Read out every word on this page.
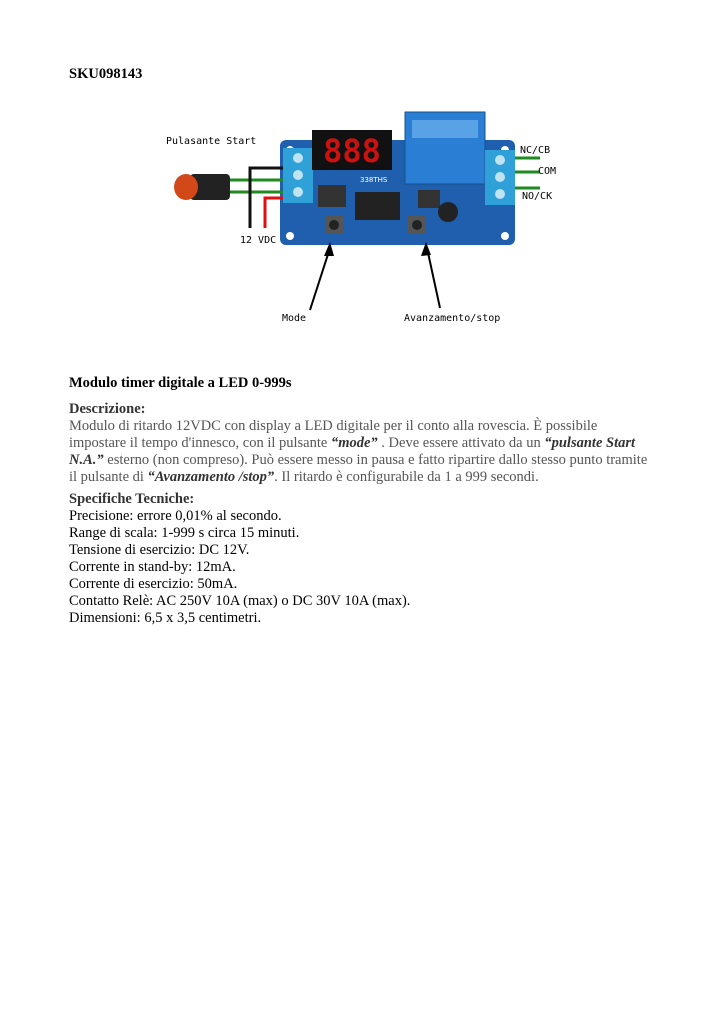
SKU098143
888
338THS
Pulasante Start
NC/CB
COM
NO/CK
12 VDC
Mode	Avanzamento/stop
Modulo timer digitale a LED 0-999s
Descrizione:

Modulo di ritardo 12VDC con display a LED digitale per il conto alla rovescia. È possibile

impostare il tempo d'innesco, con il pulsante “mode” . Deve essere attivato da un “pulsante Start

N.A.” esterno (non compreso). Può essere messo in pausa e fatto ripartire dallo stesso punto tramite

il pulsante di “Avanzamento /stop”. Il ritardo è configurabile da 1 a 999 secondi.

Specifiche Tecniche:

Precisione: errore 0,01% al secondo.

Range di scala: 1-999 s circa 15 minuti.

Tensione di esercizio: DC 12V.

Corrente in stand-by: 12mA.

Corrente di esercizio: 50mA.

Contatto Relè: AC 250V 10A (max) o DC 30V 10A (max).

Dimensioni: 6,5 x 3,5 centimetri.
